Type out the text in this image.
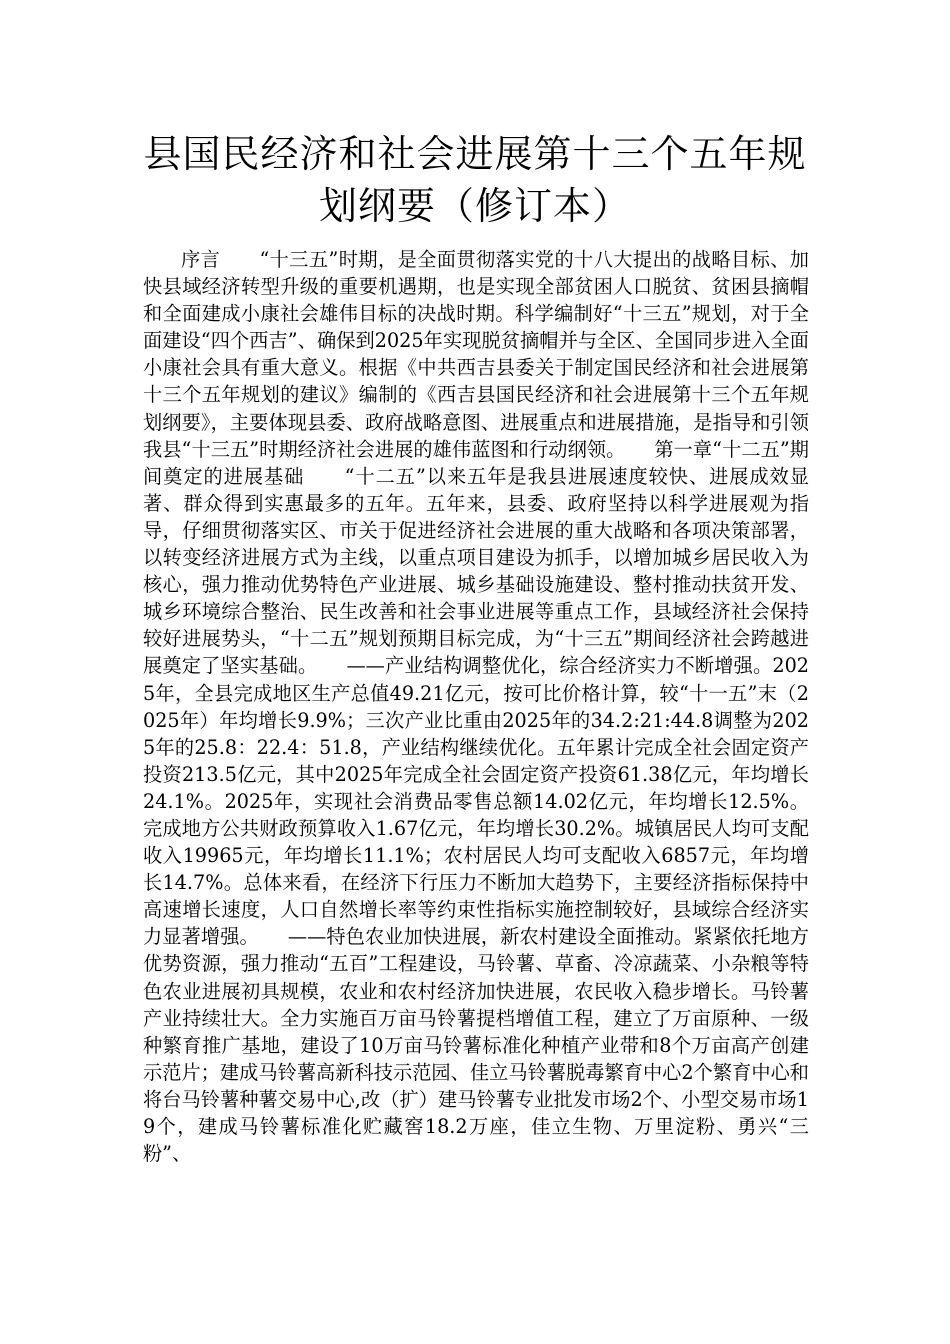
县国民经济和社会进展第十三个五年规划纲要（修订本）

序言　　“十三五”时期，是全面贯彻落实党的十八大提出的战略目标、加快县域经济转型升级的重要机遇期，也是实现全部贫困人口脱贫、贫困县摘帽和全面建成小康社会雄伟目标的决战时期。科学编制好“十三五”规划，对于全面建设“四个西吉”、确保到2025年实现脱贫摘帽并与全区、全国同步进入全面小康社会具有重大意义。根据《中共西吉县委关于制定国民经济和社会进展第十三个五年规划的建议》编制的《西吉县国民经济和社会进展第十三个五年规划纲要》，主要体现县委、政府战略意图、进展重点和进展措施，是指导和引领我县“十三五”时期经济社会进展的雄伟蓝图和行动纲领。　　第一章“十二五”期间奠定的进展基础　　“十二五”以来五年是我县进展速度较快、进展成效显著、群众得到实惠最多的五年。五年来，县委、政府坚持以科学进展观为指导，仔细贯彻落实区、市关于促进经济社会进展的重大战略和各项决策部署，以转变经济进展方式为主线，以重点项目建设为抓手，以增加城乡居民收入为核心，强力推动优势特色产业进展、城乡基础设施建设、整村推动扶贫开发、城乡环境综合整治、民生改善和社会事业进展等重点工作，县域经济社会保持较好进展势头，“十二五”规划预期目标完成，为“十三五”期间经济社会跨越进展奠定了坚实基础。　　——产业结构调整优化，综合经济实力不断增强。2025年，全县完成地区生产总值49.21亿元，按可比价格计算，较“十一五”末（2025年）年均增长9.9%；三次产业比重由2025年的34.2:21:44.8调整为2025年的25.8：22.4：51.8，产业结构继续优化。五年累计完成全社会固定资产投资213.5亿元，其中2025年完成全社会固定资产投资61.38亿元，年均增长24.1%。2025年，实现社会消费品零售总额14.02亿元，年均增长12.5%。完成地方公共财政预算收入1.67亿元，年均增长30.2%。城镇居民人均可支配收入19965元，年均增长11.1%；农村居民人均可支配收入6857元，年均增长14.7%。总体来看，在经济下行压力不断加大趋势下，主要经济指标保持中高速增长速度，人口自然增长率等约束性指标实施控制较好，县域综合经济实力显著增强。　　——特色农业加快进展，新农村建设全面推动。紧紧依托地方优势资源，强力推动“五百”工程建设，马铃薯、草畜、冷凉蔬菜、小杂粮等特色农业进展初具规模，农业和农村经济加快进展，农民收入稳步增长。马铃薯产业持续壮大。全力实施百万亩马铃薯提档增值工程，建立了万亩原种、一级种繁育推广基地，建设了10万亩马铃薯标准化种植产业带和8个万亩高产创建示范片；建成马铃薯高新科技示范园、佳立马铃薯脱毒繁育中心2个繁育中心和将台马铃薯种薯交易中心,改（扩）建马铃薯专业批发市场2个、小型交易市场19个，建成马铃薯标准化贮藏窖18.2万座，佳立生物、万里淀粉、勇兴“三粉”、
